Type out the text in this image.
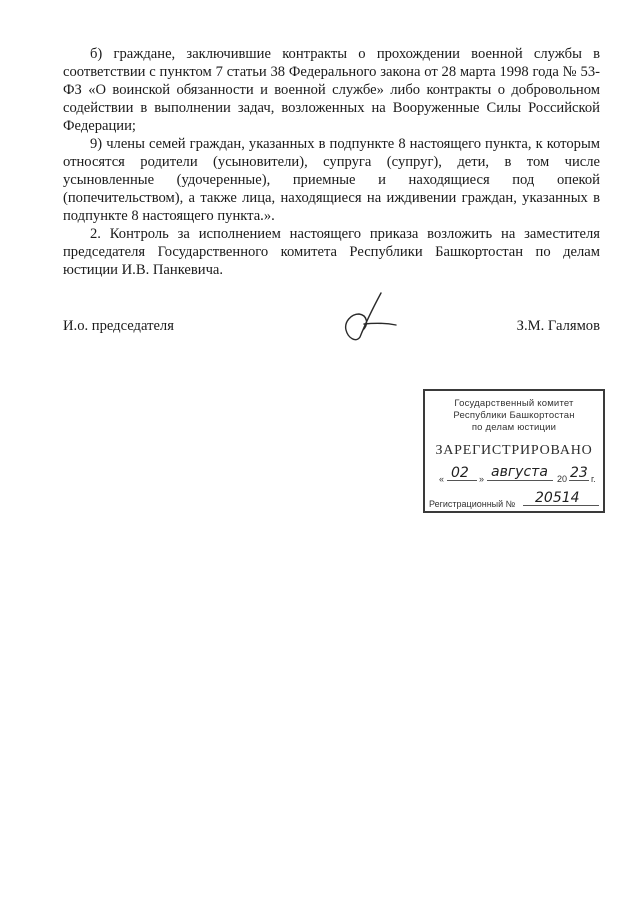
б) граждане, заключившие контракты о прохождении военной службы в соответствии с пунктом 7 статьи 38 Федерального закона от 28 марта 1998 года № 53-ФЗ «О воинской обязанности и военной службе» либо контракты о добровольном содействии в выполнении задач, возложенных на Вооруженные Силы Российской Федерации;

9) члены семей граждан, указанных в подпункте 8 настоящего пункта, к которым относятся родители (усыновители), супруга (супруг), дети, в том числе усыновленные (удочеренные), приемные и находящиеся под опекой (попечительством), а также лица, находящиеся на иждивении граждан, указанных в подпункте 8 настоящего пункта.».

2. Контроль за исполнением настоящего приказа возложить на заместителя председателя Государственного комитета Республики Башкортостан по делам юстиции И.В. Панкевича.

И.о. председателя	З.М. Галямов
Государственный комитет
Республики Башкортостан
по делам юстиции
ЗАРЕГИСТРИРОВАНО
« 02 » августа 20 23 г.
Регистрационный № 20514
